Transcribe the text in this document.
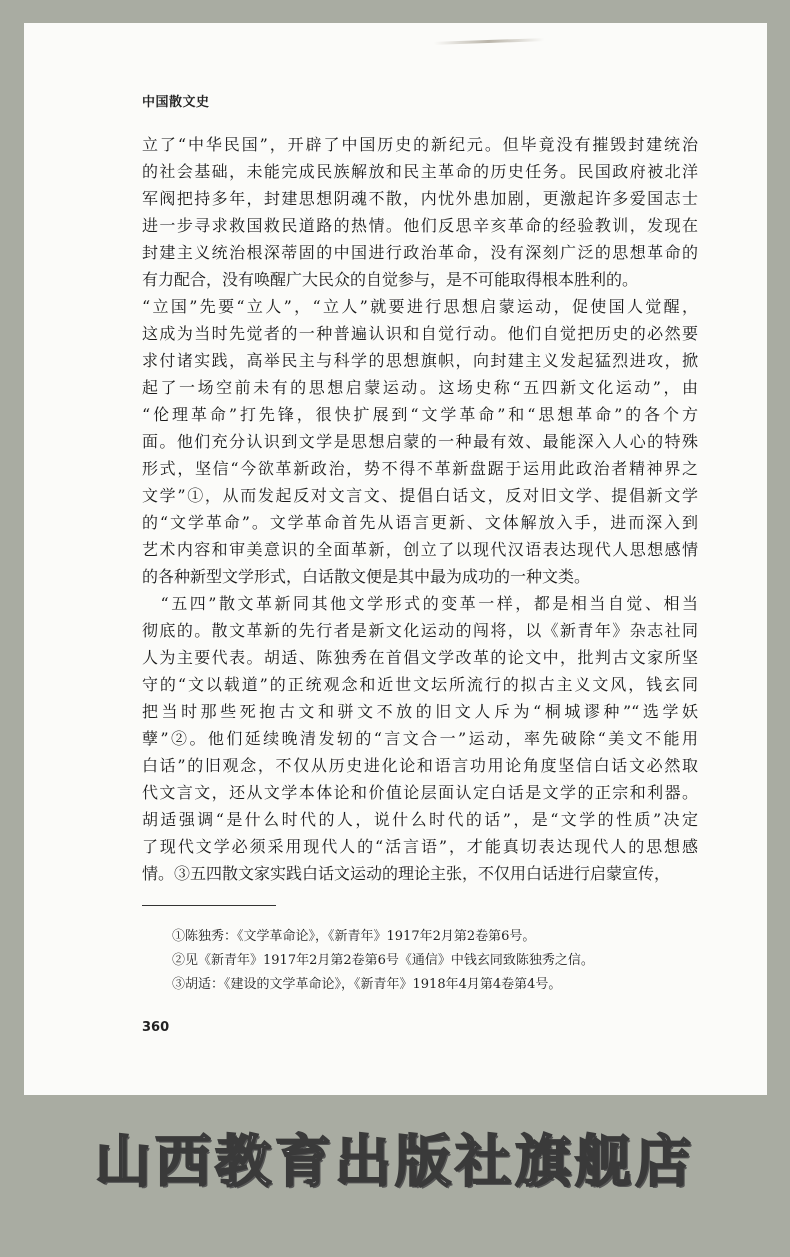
中国散文史
立了“中华民国”，开辟了中国历史的新纪元。但毕竟没有摧毁封建统治
的社会基础，未能完成民族解放和民主革命的历史任务。民国政府被北洋
军阀把持多年，封建思想阴魂不散，内忧外患加剧，更激起许多爱国志士
进一步寻求救国救民道路的热情。他们反思辛亥革命的经验教训，发现在
封建主义统治根深蒂固的中国进行政治革命，没有深刻广泛的思想革命的
有力配合，没有唤醒广大民众的自觉参与，是不可能取得根本胜利的。
“立国”先要“立人”，“立人”就要进行思想启蒙运动，促使国人觉醒，
这成为当时先觉者的一种普遍认识和自觉行动。他们自觉把历史的必然要
求付诸实践，高举民主与科学的思想旗帜，向封建主义发起猛烈进攻，掀
起了一场空前未有的思想启蒙运动。这场史称“五四新文化运动”，由
“伦理革命”打先锋，很快扩展到“文学革命”和“思想革命”的各个方
面。他们充分认识到文学是思想启蒙的一种最有效、最能深入人心的特殊
形式，坚信“今欲革新政治，势不得不革新盘踞于运用此政治者精神界之
文学”①，从而发起反对文言文、提倡白话文，反对旧文学、提倡新文学
的“文学革命”。文学革命首先从语言更新、文体解放入手，进而深入到
艺术内容和审美意识的全面革新，创立了以现代汉语表达现代人思想感情
的各种新型文学形式，白话散文便是其中最为成功的一种文类。
　“五四”散文革新同其他文学形式的变革一样，都是相当自觉、相当
彻底的。散文革新的先行者是新文化运动的闯将，以《新青年》杂志社同
人为主要代表。胡适、陈独秀在首倡文学改革的论文中，批判古文家所坚
守的“文以载道”的正统观念和近世文坛所流行的拟古主义文风，钱玄同
把当时那些死抱古文和骈文不放的旧文人斥为“桐城谬种”“选学妖
孽”②。他们延续晚清发轫的“言文合一”运动，率先破除“美文不能用
白话”的旧观念，不仅从历史进化论和语言功用论角度坚信白话文必然取
代文言文，还从文学本体论和价值论层面认定白话是文学的正宗和利器。
胡适强调“是什么时代的人，说什么时代的话”，是“文学的性质”决定
了现代文学必须采用现代人的“活言语”，才能真切表达现代人的思想感
情。③五四散文家实践白话文运动的理论主张，不仅用白话进行启蒙宣传，
①陈独秀：《文学革命论》，《新青年》1917年2月第2卷第6号。
②见《新青年》1917年2月第2卷第6号《通信》中钱玄同致陈独秀之信。
③胡适：《建设的文学革命论》，《新青年》1918年4月第4卷第4号。
360
山西教育出版社旗舰店
